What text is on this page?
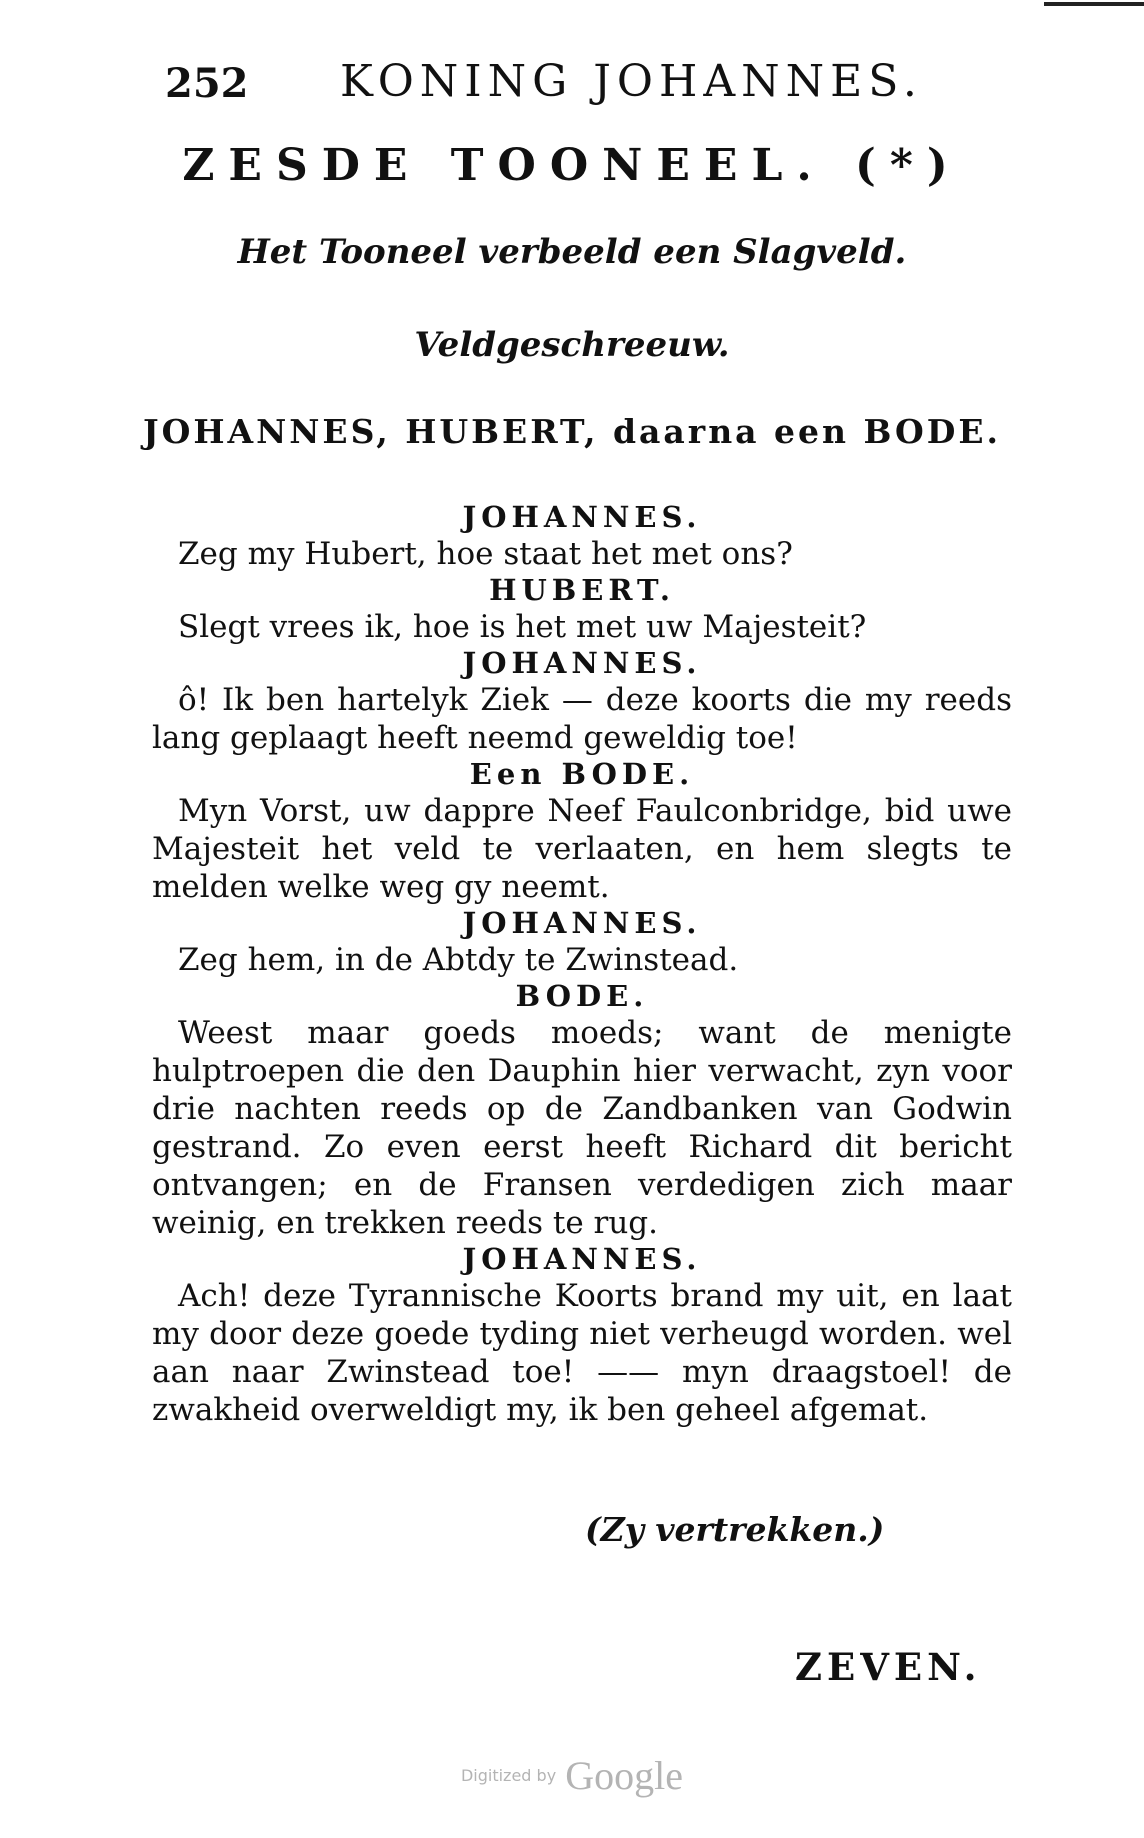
252 KONING JOHANNES.
ZESDE TOONEEL. (*)
Het Tooneel verbeeld een Slagveld.
Veldgeschreeuw.
JOHANNES, HUBERT, daarna een BODE.
JOHANNES.

Zeg my Hubert, hoe staat het met ons?

HUBERT.

Slegt vrees ik, hoe is het met uw Majesteit?

JOHANNES.

ô! Ik ben hartelyk Ziek — deze koorts die my reeds lang geplaagt heeft neemd geweldig toe!

Een BODE.

Myn Vorst, uw dappre Neef Faulconbridge, bid uwe Majesteit het veld te verlaaten, en hem slegts te melden welke weg gy neemt.

JOHANNES.

Zeg hem, in de Abtdy te Zwinstead.

BODE.

Weest maar goeds moeds; want de menigte hulptroepen die den Dauphin hier verwacht, zyn voor drie nachten reeds op de Zandbanken van Godwin gestrand. Zo even eerst heeft Richard dit bericht ontvangen; en de Fransen verdedigen zich maar weinig, en trekken reeds te rug.

JOHANNES.

Ach! deze Tyrannische Koorts brand my uit, en laat my door deze goede tyding niet verheugd worden. wel aan naar Zwinstead toe! —— myn draagstoel! de zwakheid overweldigt my, ik ben geheel afgemat.

(Zy vertrekken.)
ZEVEN.
Digitized by Google
